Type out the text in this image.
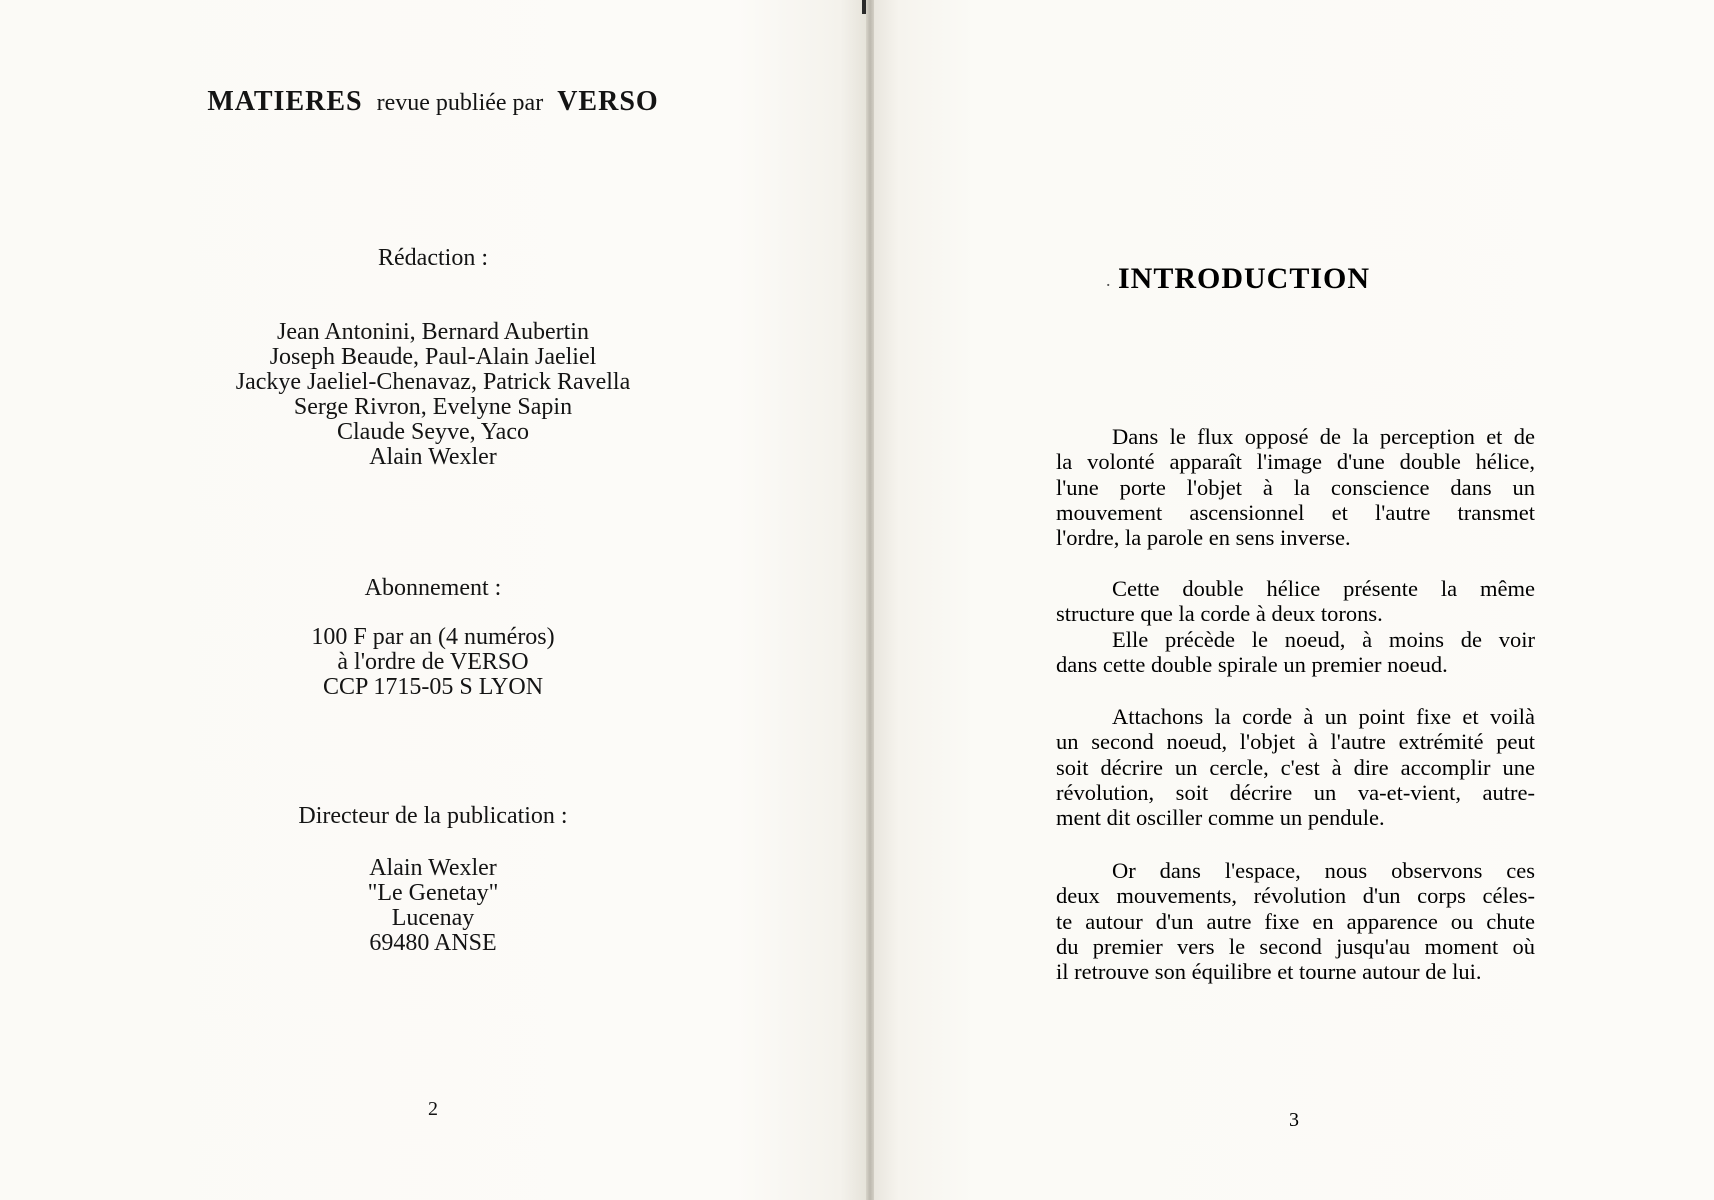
MATIERES revue publiée par VERSO
Rédaction :
Jean Antonini, Bernard Aubertin
Joseph Beaude, Paul-Alain Jaeliel
Jackye Jaeliel-Chenavaz, Patrick Ravella
Serge Rivron, Evelyne Sapin
Claude Seyve, Yaco
Alain Wexler
Abonnement :
100 F par an (4 numéros)
à l'ordre de VERSO
CCP 1715-05 S LYON
Directeur de la publication :
Alain Wexler
"Le Genetay"
Lucenay
69480 ANSE
2
. INTRODUCTION
Dans le flux opposé de la perception et de
la volonté apparaît l'image d'une double hélice,
l'une porte l'objet à la conscience dans un
mouvement ascensionnel et l'autre transmet
l'ordre, la parole en sens inverse.
Cette double hélice présente la même
structure que la corde à deux torons.
Elle précède le noeud, à moins de voir
dans cette double spirale un premier noeud.
Attachons la corde à un point fixe et voilà
un second noeud, l'objet à l'autre extrémité peut
soit décrire un cercle, c'est à dire accomplir une
révolution, soit décrire un va-et-vient, autre-
ment dit osciller comme un pendule.
Or dans l'espace, nous observons ces
deux mouvements, révolution d'un corps céles-
te autour d'un autre fixe en apparence ou chute
du premier vers le second jusqu'au moment où
il retrouve son équilibre et tourne autour de lui.
3
